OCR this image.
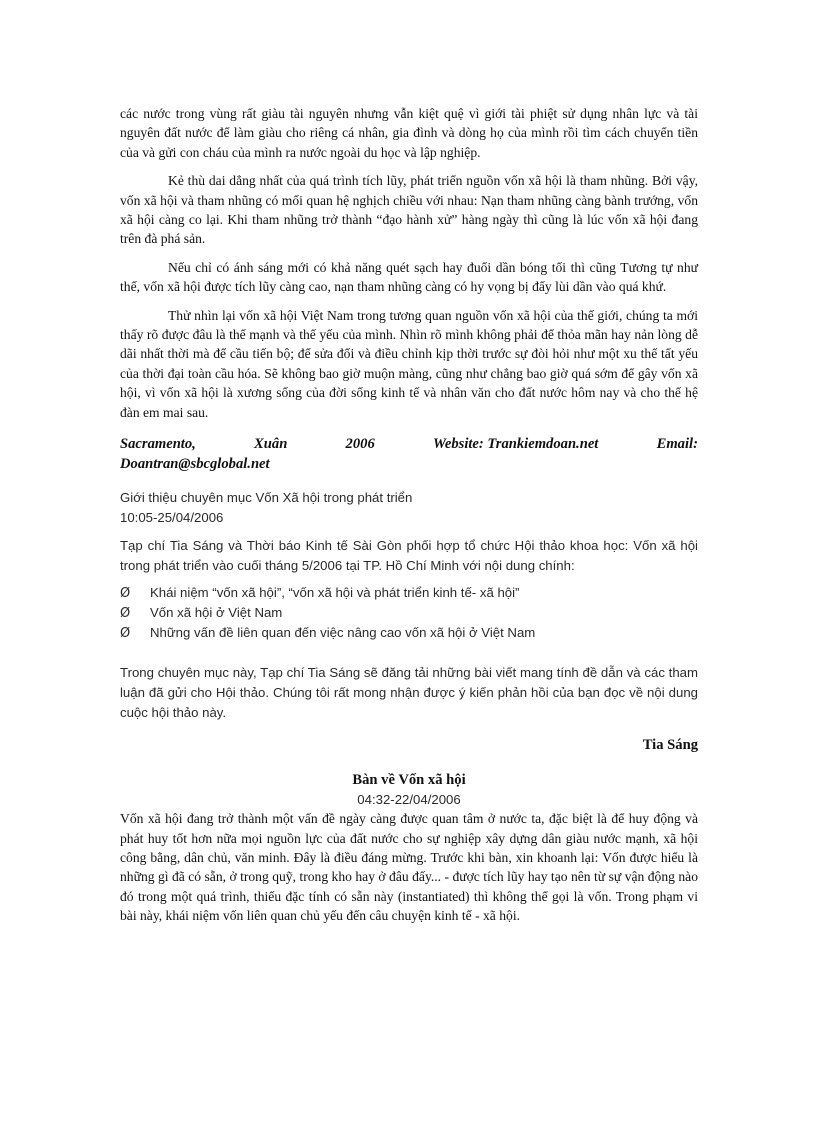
các nước trong vùng rất giàu tài nguyên nhưng vẫn kiệt quệ vì giới tài phiệt sử dụng nhân lực và tài nguyên đất nước để làm giàu cho riêng cá nhân, gia đình và dòng họ của mình rồi tìm cách chuyển tiền của và gửi con cháu của mình ra nước ngoài du học và lập nghiệp.

Kẻ thù dai dẳng nhất của quá trình tích lũy, phát triển nguồn vốn xã hội là tham nhũng. Bởi vậy, vốn xã hội và tham nhũng có mối quan hệ nghịch chiều với nhau: Nạn tham nhũng càng bành trướng, vốn xã hội càng co lại. Khi tham nhũng trở thành “đạo hành xử” hàng ngày thì cũng là lúc vốn xã hội đang trên đà phá sản.

Nếu chỉ có ánh sáng mới có khả năng quét sạch hay đuổi dần bóng tối thì cũng Tương tự như thế, vốn xã hội được tích lũy càng cao, nạn tham nhũng càng có hy vọng bị đẩy lùi dần vào quá khứ.

Thử nhìn lại vốn xã hội Việt Nam trong tương quan nguồn vốn xã hội của thế giới, chúng ta mới thấy rõ được đâu là thế mạnh và thế yếu của mình. Nhìn rõ mình không phải để thỏa mãn hay nản lòng dễ dãi nhất thời mà để cầu tiến bộ; để sửa đổi và điều chỉnh kịp thời trước sự đòi hỏi như một xu thế tất yếu của thời đại toàn cầu hóa. Sẽ không bao giờ muộn màng, cũng như chẳng bao giờ quá sớm để gây vốn xã hội, vì vốn xã hội là xương sống của đời sống kinh tế và nhân văn cho đất nước hôm nay và cho thế hệ đàn em mai sau.

Sacramento,	Xuân	2006	Website: Trankiemdoan.net	Email:
Doantran@sbcglobal.net
Giới thiệu chuyên mục Vốn Xã hội trong phát triển
10:05-25/04/2006

Tạp chí Tia Sáng và Thời báo Kinh tế Sài Gòn phối hợp tổ chức Hội thảo khoa học: Vốn xã hội trong phát triển vào cuối tháng 5/2006 tại TP. Hồ Chí Minh với nội dung chính:

Ø	Khái niệm “vốn xã hội”, “vốn xã hội và phát triển kinh tế- xã hội”
Ø	Vốn xã hội ở Việt Nam
Ø	Những vấn đề liên quan đến việc nâng cao vốn xã hội ở Việt Nam

Trong chuyên mục này, Tạp chí Tia Sáng sẽ đăng tải những bài viết mang tính đề dẫn và các tham luận đã gửi cho Hội thảo. Chúng tôi rất mong nhận được ý kiến phản hồi của bạn đọc về nội dung cuộc hội thảo này.

Tia Sáng
Bàn về Vốn xã hội
04:32-22/04/2006

Vốn xã hội đang trở thành một vấn đề ngày càng được quan tâm ở nước ta, đặc biệt là để huy động và phát huy tốt hơn nữa mọi nguồn lực của đất nước cho sự nghiệp xây dựng dân giàu nước mạnh, xã hội công bằng, dân chủ, văn minh. Đây là điều đáng mừng. Trước khi bàn, xin khoanh lại: Vốn được hiểu là những gì đã có sẵn, ở trong quỹ, trong kho hay ở đâu đấy... - được tích lũy hay tạo nên từ sự vận động nào đó trong một quá trình, thiếu đặc tính có sẵn này (instantiated) thì không thể gọi là vốn. Trong phạm vi bài này, khái niệm vốn liên quan chủ yếu đến câu chuyện kinh tế - xã hội.
